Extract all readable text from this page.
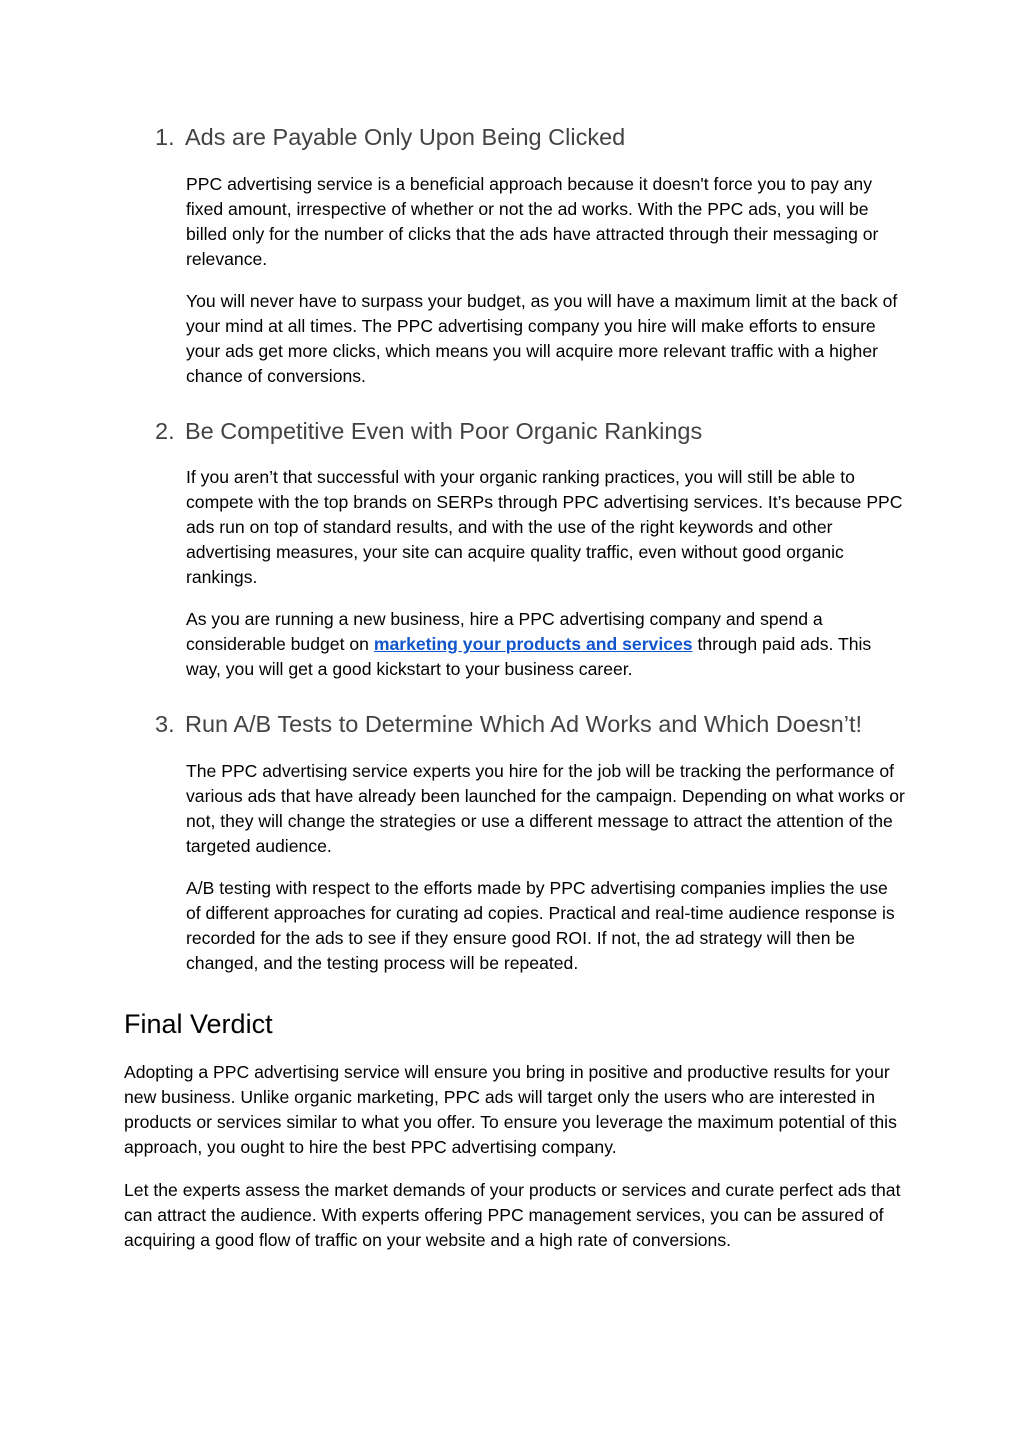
1. Ads are Payable Only Upon Being Clicked

PPC advertising service is a beneficial approach because it doesn't force you to pay any fixed amount, irrespective of whether or not the ad works. With the PPC ads, you will be billed only for the number of clicks that the ads have attracted through their messaging or relevance.

You will never have to surpass your budget, as you will have a maximum limit at the back of your mind at all times. The PPC advertising company you hire will make efforts to ensure your ads get more clicks, which means you will acquire more relevant traffic with a higher chance of conversions.

2. Be Competitive Even with Poor Organic Rankings

If you aren’t that successful with your organic ranking practices, you will still be able to compete with the top brands on SERPs through PPC advertising services. It’s because PPC ads run on top of standard results, and with the use of the right keywords and other advertising measures, your site can acquire quality traffic, even without good organic rankings.

As you are running a new business, hire a PPC advertising company and spend a considerable budget on marketing your products and services through paid ads. This way, you will get a good kickstart to your business career.

3. Run A/B Tests to Determine Which Ad Works and Which Doesn’t!

The PPC advertising service experts you hire for the job will be tracking the performance of various ads that have already been launched for the campaign. Depending on what works or not, they will change the strategies or use a different message to attract the attention of the targeted audience.

A/B testing with respect to the efforts made by PPC advertising companies implies the use of different approaches for curating ad copies. Practical and real-time audience response is recorded for the ads to see if they ensure good ROI. If not, the ad strategy will then be changed, and the testing process will be repeated.

Final Verdict

Adopting a PPC advertising service will ensure you bring in positive and productive results for your new business. Unlike organic marketing, PPC ads will target only the users who are interested in products or services similar to what you offer. To ensure you leverage the maximum potential of this approach, you ought to hire the best PPC advertising company.

Let the experts assess the market demands of your products or services and curate perfect ads that can attract the audience. With experts offering PPC management services, you can be assured of acquiring a good flow of traffic on your website and a high rate of conversions.
